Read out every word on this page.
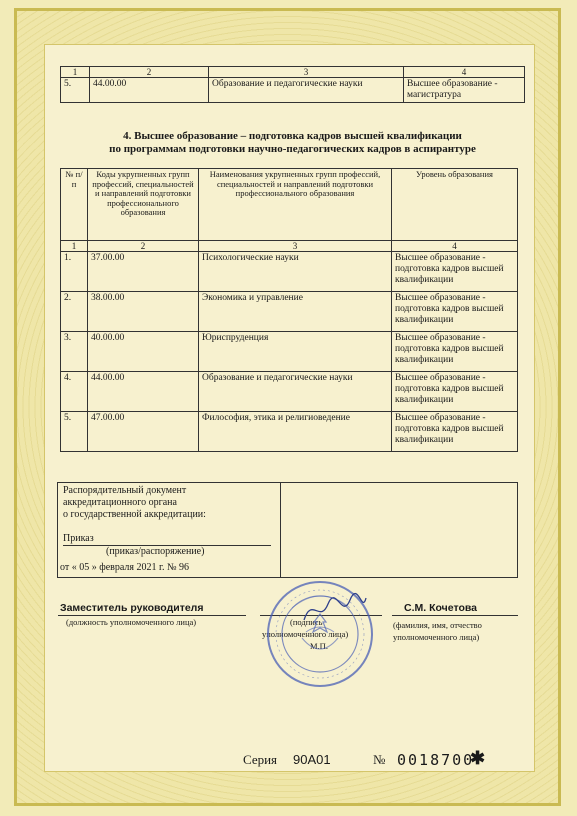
1	2	3	4
5.	44.00.00	Образование и педагогические науки	Высшее образование - магистратура
4. Высшее образование – подготовка кадров высшей квалификации
по программам подготовки научно-педагогических кадров в аспирантуре
№ п/п	Коды укрупненных групп профессий, специальностей и направлений подготовки профессионального образования	Наименования укрупненных групп профессий, специальностей и направлений подготовки профессионального образования	Уровень образования
1	2	3	4
1.	37.00.00	Психологические науки	Высшее образование - подготовка кадров высшей квалификации
2.	38.00.00	Экономика и управление	Высшее образование - подготовка кадров высшей квалификации
3.	40.00.00	Юриспруденция	Высшее образование - подготовка кадров высшей квалификации
4.	44.00.00	Образование и педагогические науки	Высшее образование - подготовка кадров высшей квалификации
5.	47.00.00	Философия, этика и религиоведение	Высшее образование - подготовка кадров высшей квалификации
Распорядительный документ
аккредитационного органа
о государственной аккредитации:
Приказ
(приказ/распоряжение)
от « 05 » февраля 2021 г. № 96

Заместитель руководителя
(должность уполномоченного лица)	(подпись
уполномоченного лица)
М.П.
С.М. Кочетова
(фамилия, имя, отчество
уполномоченного лица)
Серия 90А01	№ 0018700
✱
